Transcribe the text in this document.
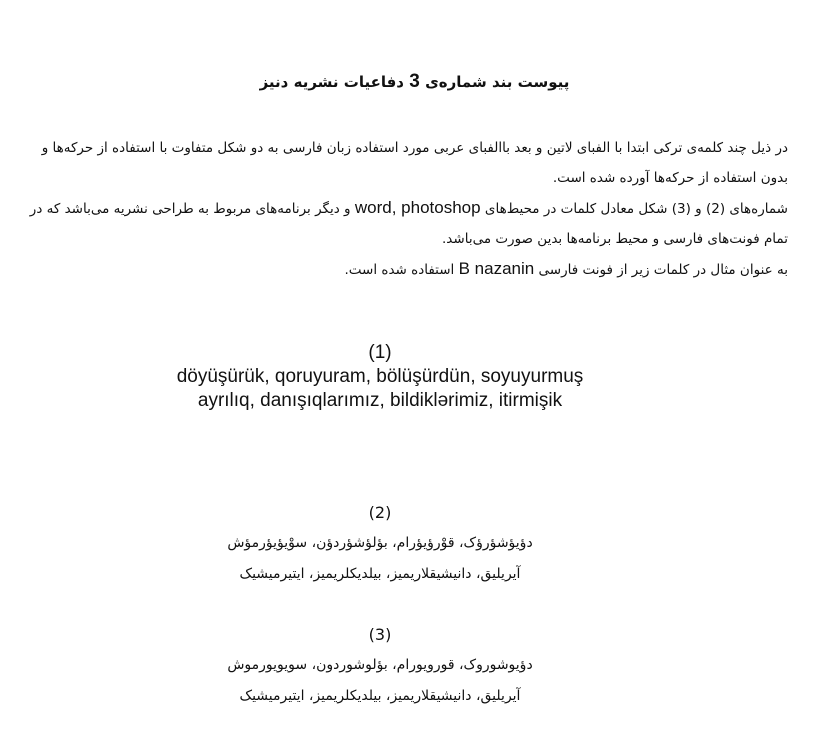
پیوست بند شماره‌ی 3 دفاعیات نشریه دنیز
در ذیل چند کلمه‌ی ترکی ابتدا با الفبای لاتین و بعد باالفبای عربی مورد استفاده زبان فارسی به دو شکل متفاوت با استفاده از حرکه‌ها و بدون استفاده از حرکه‌ها آورده شده است.
شماره‌های (2) و (3) شکل معادل کلمات در محیط‌های word, photoshop و دیگر برنامه‌های مربوط به طراحی نشریه می‌باشد که در تمام فونت‌های فارسی و محیط برنامه‌ها بدین صورت می‌باشد.
به عنوان مثال در کلمات زیر از فونت فارسی B nazanin استفاده شده است.
(1)
döyüşürük, qoruyuram, bölüşürdün, soyuyurmuş
ayrılıq, danışıqlarımız, bildiklərimiz, itirmişik
(2)
دؤیؤشؤرؤک، قوْرؤیؤرام، بؤلؤشؤردؤن، سوْیؤیؤرمؤش
آیریلیق، دانیشیقلاریمیز، بیلدیکلریمیز، ایتیرمیشیک
(3)
دؤیوشوروک، قورویورام، بؤلوشوردون، سویویورموش
آیریلیق، دانیشیقلاریمیز، بیلدیکلریمیز، ایتیرمیشیک
